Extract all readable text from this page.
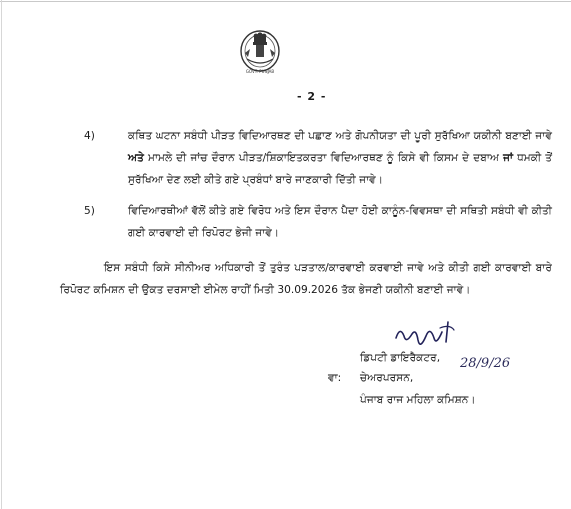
GOVT. PUNJAB
- 2 -
4)	ਕਥਿਤ ਘਟਨਾ ਸਬੰਧੀ ਪੀੜਤ ਵਿਦਿਆਰਥਣ ਦੀ ਪਛਾਣ ਅਤੇ ਗੋਪਨੀਯਤਾ ਦੀ ਪੂਰੀ ਸੁਰੱਖਿਆ ਯਕੀਨੀ ਬਣਾਈ ਜਾਵੇ ਅਤੇ ਮਾਮਲੇ ਦੀ ਜਾਂਚ ਦੌਰਾਨ ਪੀੜਤ/ਸ਼ਿਕਾਇਤਕਰਤਾ ਵਿਦਿਆਰਥਣ ਨੂੰ ਕਿਸੇ ਵੀ ਕਿਸਮ ਦੇ ਦਬਾਅ ਜਾਂ ਧਮਕੀ ਤੋਂ ਸੁਰੱਖਿਆ ਦੇਣ ਲਈ ਕੀਤੇ ਗਏ ਪ੍ਰਬੰਧਾਂ ਬਾਰੇ ਜਾਣਕਾਰੀ ਦਿੱਤੀ ਜਾਵੇ।
5)	ਵਿਦਿਆਰਥੀਆਂ ਵੱਲੋਂ ਕੀਤੇ ਗਏ ਵਿਰੋਧ ਅਤੇ ਇਸ ਦੌਰਾਨ ਪੈਦਾ ਹੋਈ ਕਾਨੂੰਨ-ਵਿਵਸਥਾ ਦੀ ਸਥਿਤੀ ਸਬੰਧੀ ਵੀ ਕੀਤੀ ਗਈ ਕਾਰਵਾਈ ਦੀ ਰਿਪੋਰਟ ਭੇਜੀ ਜਾਵੇ।
ਇਸ ਸਬੰਧੀ ਕਿਸੇ ਸੀਨੀਅਰ ਅਧਿਕਾਰੀ ਤੋਂ ਤੁਰੰਤ ਪੜਤਾਲ/ਕਾਰਵਾਈ ਕਰਵਾਈ ਜਾਵੇ ਅਤੇ ਕੀਤੀ ਗਈ ਕਾਰਵਾਈ ਬਾਰੇ ਰਿਪੋਰਟ ਕਮਿਸ਼ਨ ਦੀ ਉਕਤ ਦਰਸਾਈ ਈਮੇਲ ਰਾਹੀਂ ਮਿਤੀ 30.09.2026 ਤੱਕ ਭੇਜਣੀ ਯਕੀਨੀ ਬਣਾਈ ਜਾਵੇ।
ਵਾ:
ਡਿਪਟੀ ਡਾਇਰੈਕਟਰ,
ਚੇਅਰਪਰਸਨ,
28/9/26
ਪੰਜਾਬ ਰਾਜ ਮਹਿਲਾ ਕਮਿਸ਼ਨ।
